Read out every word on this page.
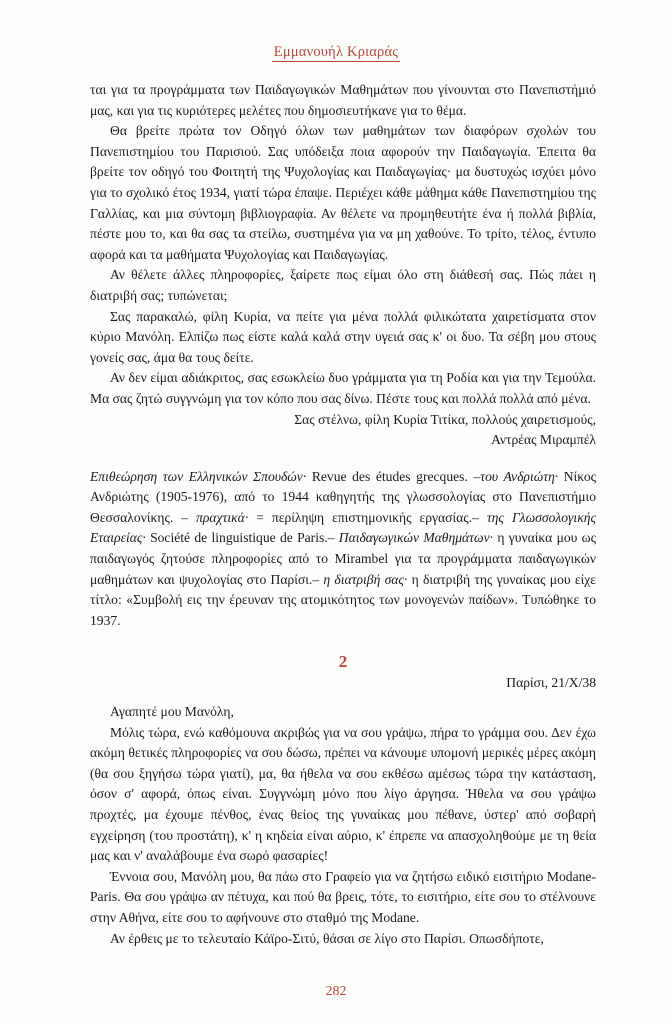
Εμμανουήλ Κριαράς

ται για τα προγράμματα των Παιδαγωγικών Μαθημάτων που γίνουνται στο Πανεπιστήμιό μας, και για τις κυριότερες μελέτες που δημοσιευτήκανε για το θέμα.

Θα βρείτε πρώτα τον Οδηγό όλων των μαθημάτων των διαφόρων σχολών του Πανεπιστημίου του Παρισιού. Σας υπόδειξα ποια αφορούν την Παιδαγωγία. Έπειτα θα βρείτε τον οδηγό του Φοιτητή της Ψυχολογίας και Παιδαγωγίας· μα δυστυχώς ισχύει μόνο για το σχολικό έτος 1934, γιατί τώρα έπαψε. Περιέχει κάθε μάθημα κάθε Πανεπιστημίου της Γαλλίας, και μια σύντομη βιβλιογραφία. Αν θέλετε να προμηθευτήτε ένα ή πολλά βιβλία, πέστε μου το, και θα σας τα στείλω, συστημένα για να μη χαθούνε. Το τρίτο, τέλος, έντυπο αφορά και τα μαθήματα Ψυχολογίας και Παιδαγωγίας.

Αν θέλετε άλλες πληροφορίες, ξαίρετε πως είμαι όλο στη διάθεσή σας. Πώς πάει η διατριβή σας; τυπώνεται;

Σας παρακαλώ, φίλη Κυρία, να πείτε για μένα πολλά φιλικώτατα χαιρετίσματα στον κύριο Μανόλη. Ελπίζω πως είστε καλά καλά στην υγειά σας κ' οι δυο. Τα σέβη μου στους γονείς σας, άμα θα τους δείτε.

Αν δεν είμαι αδιάκριτος, σας εσωκλείω δυο γράμματα για τη Ροδία και για την Τεμούλα. Μα σας ζητώ συγγνώμη για τον κόπο που σας δίνω. Πέστε τους και πολλά πολλά από μένα.

Σας στέλνω, φίλη Κυρία Τιτίκα, πολλούς χαιρετισμούς,

Αντρέας Μιραμπέλ

Επιθεώρηση των Ελληνικών Σπουδών· Revue des études grecques. –του Ανδριώτη· Νίκος Ανδριώτης (1905-1976), από το 1944 καθηγητής της γλωσσολογίας στο Πανεπιστήμιο Θεσσαλονίκης. – πραχτικά· = περίληψη επιστημονικής εργασίας.– της Γλωσσολογικής Εταιρείας· Société de linguistique de Paris.– Παιδαγωγικών Μαθημάτων· η γυναίκα μου ως παιδαγωγός ζητούσε πληροφορίες από το Mirambel για τα προγράμματα παιδαγωγικών μαθημάτων και ψυχολογίας στο Παρίσι.– η διατριβή σας· η διατριβή της γυναίκας μου είχε τίτλο: «Συμβολή εις την έρευναν της ατομικότητος των μονογενών παίδων». Τυπώθηκε το 1937.

2

Παρίσι, 21/X/38

Αγαπητέ μου Μανόλη,

Μόλις τώρα, ενώ καθόμουνα ακριβώς για να σου γράψω, πήρα το γράμμα σου. Δεν έχω ακόμη θετικές πληροφορίες να σου δώσω, πρέπει να κάνουμε υπομονή μερικές μέρες ακόμη (θα σου ξηγήσω τώρα γιατί), μα, θα ήθελα να σου εκθέσω αμέσως τώρα την κατάσταση, όσον σ' αφορά, όπως είναι. Συγγνώμη μόνο που λίγο άργησα. Ήθελα να σου γράψω προχτές, μα έχουμε πένθος, ένας θείος της γυναίκας μου πέθανε, ύστερ' από σοβαρή εγχείρηση (του προστάτη), κ' η κηδεία είναι αύριο, κ' έπρεπε να απασχοληθούμε με τη θεία μας και ν' αναλάβουμε ένα σωρό φασαρίες!

Έννοια σου, Μανόλη μου, θα πάω στο Γραφείο για να ζητήσω ειδικό εισιτήριο Modane-Paris. Θα σου γράψω αν πέτυχα, και πού θα βρεις, τότε, το εισιτήριο, είτε σου το στέλνουνε στην Αθήνα, είτε σου το αφήνουνε στο σταθμό της Modane.

Αν έρθεις με το τελευταίο Κάϊρο-Σιτύ, θάσαι σε λίγο στο Παρίσι. Οπωσδήποτε,

282
